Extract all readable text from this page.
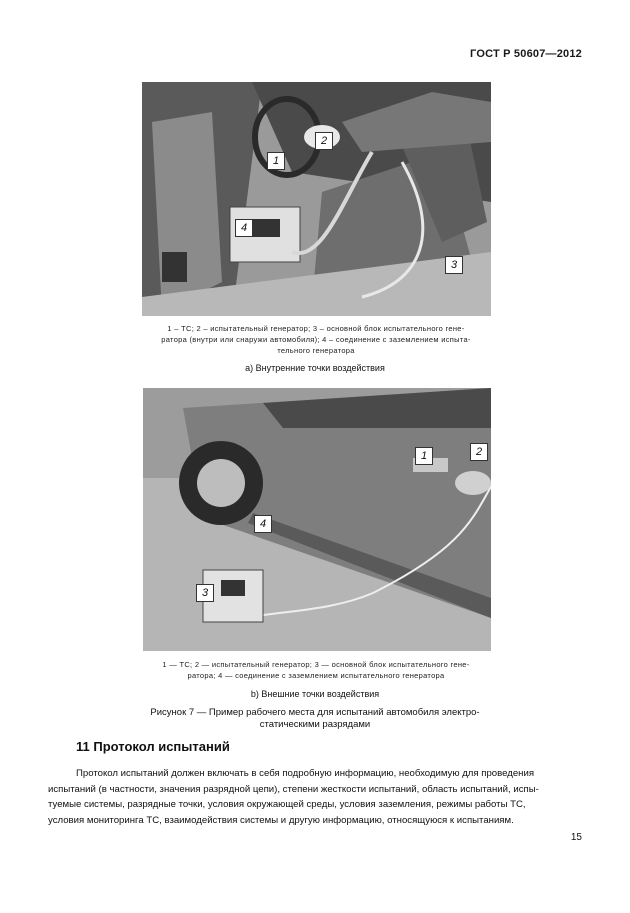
ГОСТ Р 50607—2012
1
2
3
4
1 – ТС; 2 – испытательный генератор; 3 – основной блок испытательного гене-
ратора (внутри или снаружи автомобиля); 4 – соединение с заземлением испыта-
тельного генератора
а) Внутренние точки воздействия
1	2
3
4
1 — ТС; 2 — испытательный генератор; 3 — основной блок испытательного гене-
ратора; 4 — соединение с заземлением испытательного генератора
b) Внешние точки воздействия
Рисунок 7 — Пример рабочего места для испытаний автомобиля электро-
статическими разрядами
11 Протокол испытаний
Протокол испытаний должен включать в себя подробную информацию, необходимую для проведения
испытаний (в частности, значения разрядной цепи), степени жесткости испытаний, область испытаний, испы-
туемые системы, разрядные точки, условия окружающей среды, условия заземления, режимы работы ТС,
условия мониторинга ТС, взаимодействия системы и другую информацию, относящуюся к испытаниям.
15
